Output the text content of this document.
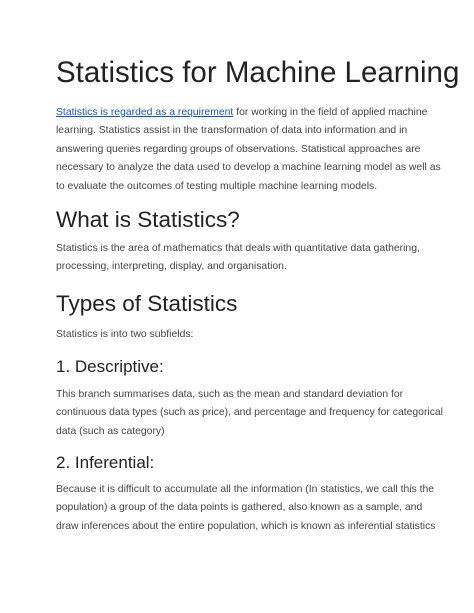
Statistics for Machine Learning

Statistics is regarded as a requirement for working in the field of applied machine
learning. Statistics assist in the transformation of data into information and in
answering queries regarding groups of observations. Statistical approaches are
necessary to analyze the data used to develop a machine learning model as well as
to evaluate the outcomes of testing multiple machine learning models.

What is Statistics?

Statistics is the area of mathematics that deals with quantitative data gathering,
processing, interpreting, display, and organisation.

Types of Statistics

Statistics is into two subfields:

1. Descriptive:

This branch summarises data, such as the mean and standard deviation for
continuous data types (such as price), and percentage and frequency for categorical
data (such as category)

2. Inferential:

Because it is difficult to accumulate all the information (In statistics, we call this the
population) a group of the data points is gathered, also known as a sample, and
draw inferences about the entire population, which is known as inferential statistics
